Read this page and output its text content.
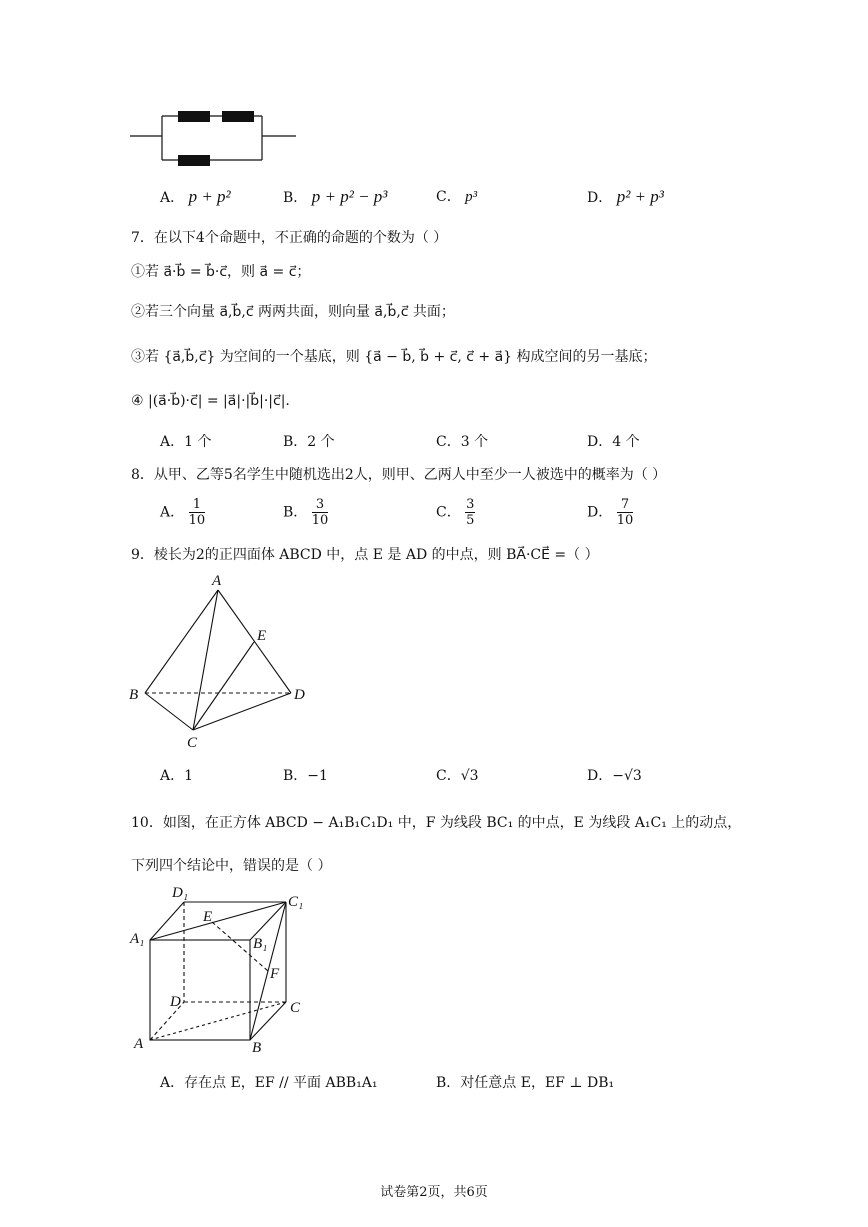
A． p + p²	B． p + p² − p³	C． p³	D． p² + p³
7．在以下4个命题中，不正确的命题的个数为（ ）
①若 a⃗·b⃗ = b⃗·c⃗，则 a⃗ = c⃗；
②若三个向量 a⃗,b⃗,c⃗ 两两共面，则向量 a⃗,b⃗,c⃗ 共面；
③若 {a⃗,b⃗,c⃗} 为空间的一个基底，则 {a⃗ − b⃗, b⃗ + c⃗, c⃗ + a⃗} 构成空间的另一基底；
④ |(a⃗·b⃗)·c⃗| = |a⃗|·|b⃗|·|c⃗|.
A．1 个	B．2 个	C．3 个	D．4 个
8．从甲、乙等5名学生中随机选出2人，则甲、乙两人中至少一人被选中的概率为（ ）
A． $\frac{1}{10}$	B． $\frac{3}{10}$	C． $\frac{3}{5}$	D． $\frac{7}{10}$
9．棱长为2的正四面体 ABCD 中，点 E 是 AD 的中点，则 BA⃗·CE⃗ =（ ）
A
E
B	D
C
A．1	B．−1	C．√3	D．−√3
10．如图，在正方体 ABCD − A₁B₁C₁D₁ 中，F 为线段 BC₁ 的中点，E 为线段 A₁C₁ 上的动点，
下列四个结论中，错误的是（ ）
D₁
C₁
E
A₁	B₁
F
D	C
A	B
A．存在点 E，EF // 平面 ABB₁A₁	B．对任意点 E，EF ⊥ DB₁
试卷第2页，共6页
